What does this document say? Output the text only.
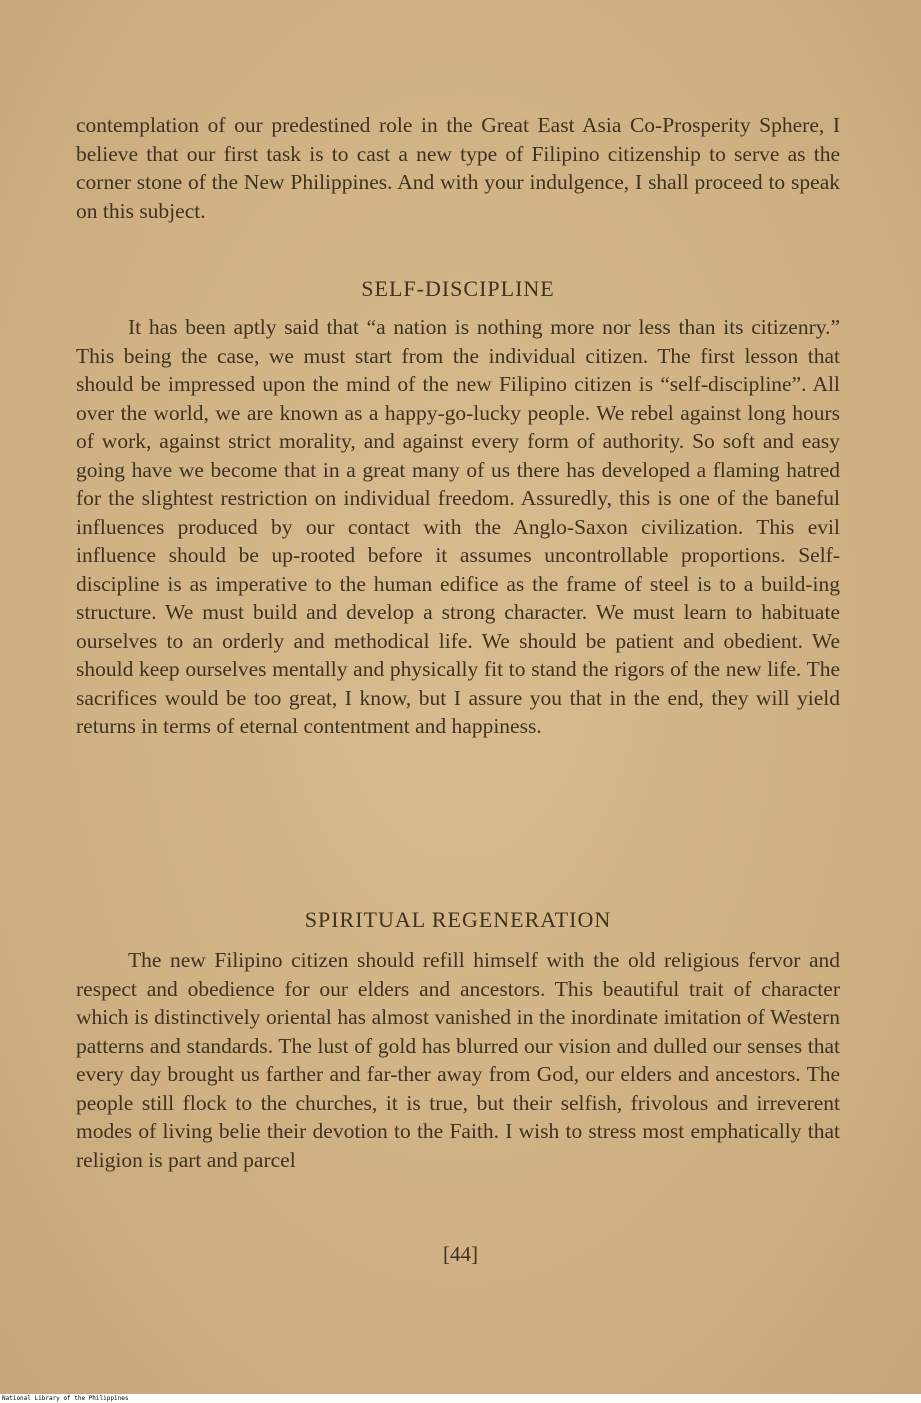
contemplation of our predestined role in the Great East Asia Co-Prosperity Sphere, I believe that our first task is to cast a new type of Filipino citizenship to serve as the corner stone of the New Philippines. And with your indulgence, I shall proceed to speak on this subject.

SELF-DISCIPLINE

It has been aptly said that “a nation is nothing more nor less than its citizenry.” This being the case, we must start from the individual citizen. The first lesson that should be impressed upon the mind of the new Filipino citizen is “self-discipline”. All over the world, we are known as a happy-go-lucky people. We rebel against long hours of work, against strict morality, and against every form of authority. So soft and easy going have we become that in a great many of us there has developed a flaming hatred for the slightest restriction on individual freedom. Assuredly, this is one of the baneful influences produced by our contact with the Anglo-Saxon civilization. This evil influence should be up-rooted before it assumes uncontrollable proportions. Self-discipline is as imperative to the human edifice as the frame of steel is to a build-ing structure. We must build and develop a strong character. We must learn to habituate ourselves to an orderly and methodical life. We should be patient and obedient. We should keep ourselves mentally and physically fit to stand the rigors of the new life. The sacrifices would be too great, I know, but I assure you that in the end, they will yield returns in terms of eternal contentment and happiness.

SPIRITUAL REGENERATION

The new Filipino citizen should refill himself with the old religious fervor and respect and obedience for our elders and ancestors. This beautiful trait of character which is distinctively oriental has almost vanished in the inordinate imitation of Western patterns and standards. The lust of gold has blurred our vision and dulled our senses that every day brought us farther and far-ther away from God, our elders and ancestors. The people still flock to the churches, it is true, but their selfish, frivolous and irreverent modes of living belie their devotion to the Faith. I wish to stress most emphatically that religion is part and parcel

[44]
National Library of the Philippines
